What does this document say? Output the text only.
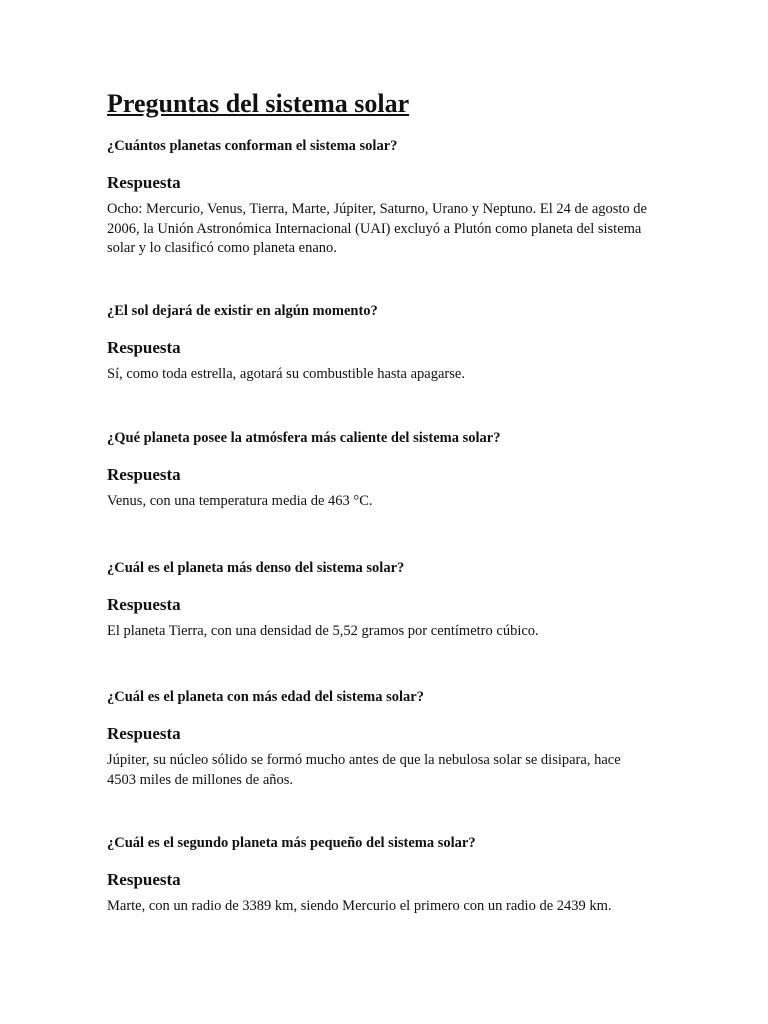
Preguntas del sistema solar
¿Cuántos planetas conforman el sistema solar?
Respuesta
Ocho: Mercurio, Venus, Tierra, Marte, Júpiter, Saturno, Urano y Neptuno. El 24 de agosto de 2006, la Unión Astronómica Internacional (UAI) excluyó a Plutón como planeta del sistema solar y lo clasificó como planeta enano.
¿El sol dejará de existir en algún momento?
Respuesta
Sí, como toda estrella, agotará su combustible hasta apagarse.
¿Qué planeta posee la atmósfera más caliente del sistema solar?
Respuesta
Venus, con una temperatura media de 463 °C.
¿Cuál es el planeta más denso del sistema solar?
Respuesta
El planeta Tierra, con una densidad de 5,52 gramos por centímetro cúbico.
¿Cuál es el planeta con más edad del sistema solar?
Respuesta
Júpiter, su núcleo sólido se formó mucho antes de que la nebulosa solar se disipara, hace 4503 miles de millones de años.
¿Cuál es el segundo planeta más pequeño del sistema solar?
Respuesta
Marte, con un radio de 3389 km, siendo Mercurio el primero con un radio de 2439 km.
